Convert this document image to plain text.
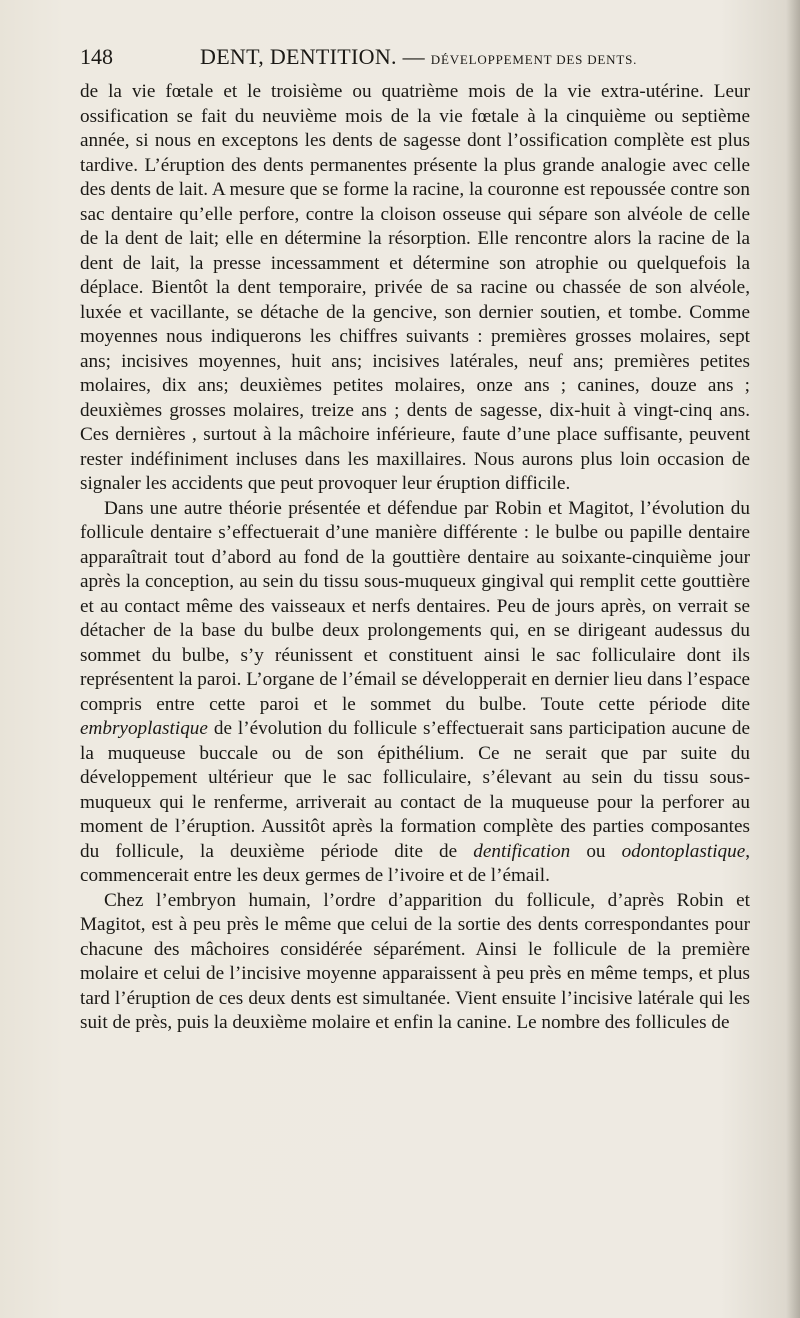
148	DENT, DENTITION. — DÉVELOPPEMENT DES DENTS.

de la vie fœtale et le troisième ou quatrième mois de la vie extra-utérine. Leur ossification se fait du neuvième mois de la vie fœtale à la cinquième ou septième année, si nous en exceptons les dents de sagesse dont l’ossification complète est plus tardive. L’éruption des dents permanentes présente la plus grande analogie avec celle des dents de lait. A mesure que se forme la racine, la couronne est repoussée contre son sac dentaire qu’elle perfore, contre la cloison osseuse qui sépare son alvéole de celle de la dent de lait; elle en détermine la résorption. Elle rencontre alors la racine de la dent de lait, la presse incessamment et détermine son atrophie ou quelquefois la déplace. Bientôt la dent temporaire, privée de sa racine ou chassée de son alvéole, luxée et vacillante, se détache de la gencive, son dernier soutien, et tombe. Comme moyennes nous indiquerons les chiffres suivants : premières grosses molaires, sept ans; incisives moyennes, huit ans; incisives latérales, neuf ans; premières petites molaires, dix ans; deuxièmes petites molaires, onze ans ; canines, douze ans ; deuxièmes grosses molaires, treize ans ; dents de sagesse, dix-huit à vingt-cinq ans. Ces dernières , surtout à la mâchoire inférieure, faute d’une place suffisante, peuvent rester indéfiniment incluses dans les maxillaires. Nous aurons plus loin occasion de signaler les accidents que peut provoquer leur éruption difficile.

Dans une autre théorie présentée et défendue par Robin et Magitot, l’évolution du follicule dentaire s’effectuerait d’une manière différente : le bulbe ou papille dentaire apparaîtrait tout d’abord au fond de la gouttière dentaire au soixante-cinquième jour après la conception, au sein du tissu sous-muqueux gingival qui remplit cette gouttière et au contact même des vaisseaux et nerfs dentaires. Peu de jours après, on verrait se détacher de la base du bulbe deux prolongements qui, en se dirigeant audessus du sommet du bulbe, s’y réunissent et constituent ainsi le sac folliculaire dont ils représentent la paroi. L’organe de l’émail se développerait en dernier lieu dans l’espace compris entre cette paroi et le sommet du bulbe. Toute cette période dite embryoplastique de l’évolution du follicule s’effectuerait sans participation aucune de la muqueuse buccale ou de son épithélium. Ce ne serait que par suite du développement ultérieur que le sac folliculaire, s’élevant au sein du tissu sous-muqueux qui le renferme, arriverait au contact de la muqueuse pour la perforer au moment de l’éruption. Aussitôt après la formation complète des parties composantes du follicule, la deuxième période dite de dentification ou odontoplastique, commencerait entre les deux germes de l’ivoire et de l’émail.

Chez l’embryon humain, l’ordre d’apparition du follicule, d’après Robin et Magitot, est à peu près le même que celui de la sortie des dents correspondantes pour chacune des mâchoires considérée séparément. Ainsi le follicule de la première molaire et celui de l’incisive moyenne apparaissent à peu près en même temps, et plus tard l’éruption de ces deux dents est simultanée. Vient ensuite l’incisive latérale qui les suit de près, puis la deuxième molaire et enfin la canine. Le nombre des follicules de
